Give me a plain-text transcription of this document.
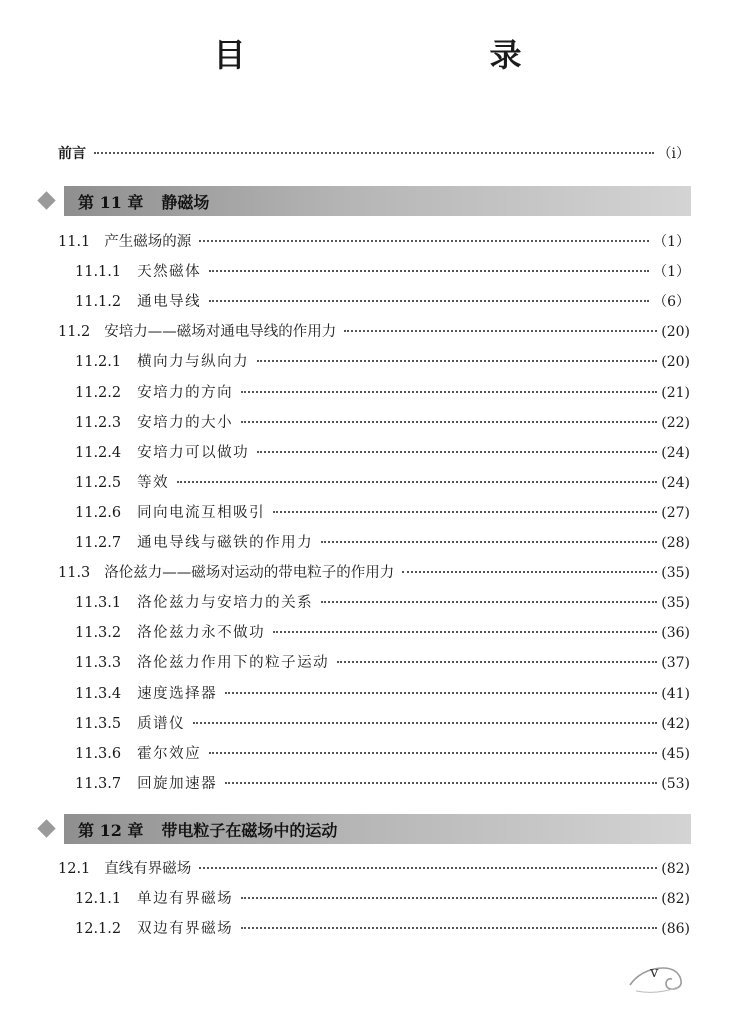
目　　录
前言	（ⅰ）
第 11 章 静磁场
11.1 产生磁场的源	（1）
11.1.1	天然磁体	（1）
11.1.2	通电导线	（6）
11.2 安培力——磁场对通电导线的作用力	(20)
11.2.1	横向力与纵向力	(20)
11.2.2	安培力的方向	(21)
11.2.3	安培力的大小	(22)
11.2.4	安培力可以做功	(24)
11.2.5	等效	(24)
11.2.6	同向电流互相吸引	(27)
11.2.7	通电导线与磁铁的作用力	(28)
11.3 洛伦兹力——磁场对运动的带电粒子的作用力	(35)
11.3.1	洛伦兹力与安培力的关系	(35)
11.3.2	洛伦兹力永不做功	(36)
11.3.3	洛伦兹力作用下的粒子运动	(37)
11.3.4	速度选择器	(41)
11.3.5	质谱仪	(42)
11.3.6	霍尔效应	(45)
11.3.7	回旋加速器	(53)
第 12 章 带电粒子在磁场中的运动
12.1 直线有界磁场	(82)
12.1.1	单边有界磁场	(82)
12.1.2	双边有界磁场	(86)
v
